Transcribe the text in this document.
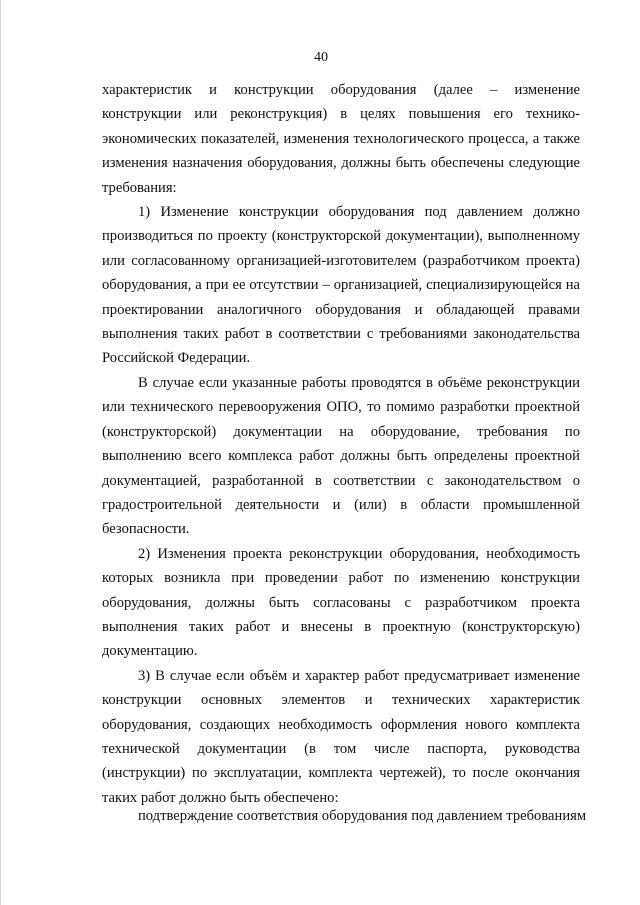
40

характеристик и конструкции оборудования (далее – изменение конструкции или реконструкция) в целях повышения его технико-экономических показателей, изменения технологического процесса, а также изменения назначения оборудования, должны быть обеспечены следующие требования:

1) Изменение конструкции оборудования под давлением должно производиться по проекту (конструкторской документации), выполненному или согласованному организацией-изготовителем (разработчиком проекта) оборудования, а при ее отсутствии – организацией, специализирующейся на проектировании аналогичного оборудования и обладающей правами выполнения таких работ в соответствии с требованиями законодательства Российской Федерации.

В случае если указанные работы проводятся в объёме реконструкции или технического перевооружения ОПО, то помимо разработки проектной (конструкторской) документации на оборудование, требования по выполнению всего комплекса работ должны быть определены проектной документацией, разработанной в соответствии с законодательством о градостроительной деятельности и (или) в области промышленной безопасности.

2) Изменения проекта реконструкции оборудования, необходимость которых возникла при проведении работ по изменению конструкции оборудования, должны быть согласованы с разработчиком проекта выполнения таких работ и внесены в проектную (конструкторскую) документацию.

3) В случае если объём и характер работ предусматривает изменение конструкции основных элементов и технических характеристик оборудования, создающих необходимость оформления нового комплекта технической документации (в том числе паспорта, руководства (инструкции) по эксплуатации, комплекта чертежей), то после окончания таких работ должно быть обеспечено:

подтверждение соответствия оборудования под давлением требованиям
